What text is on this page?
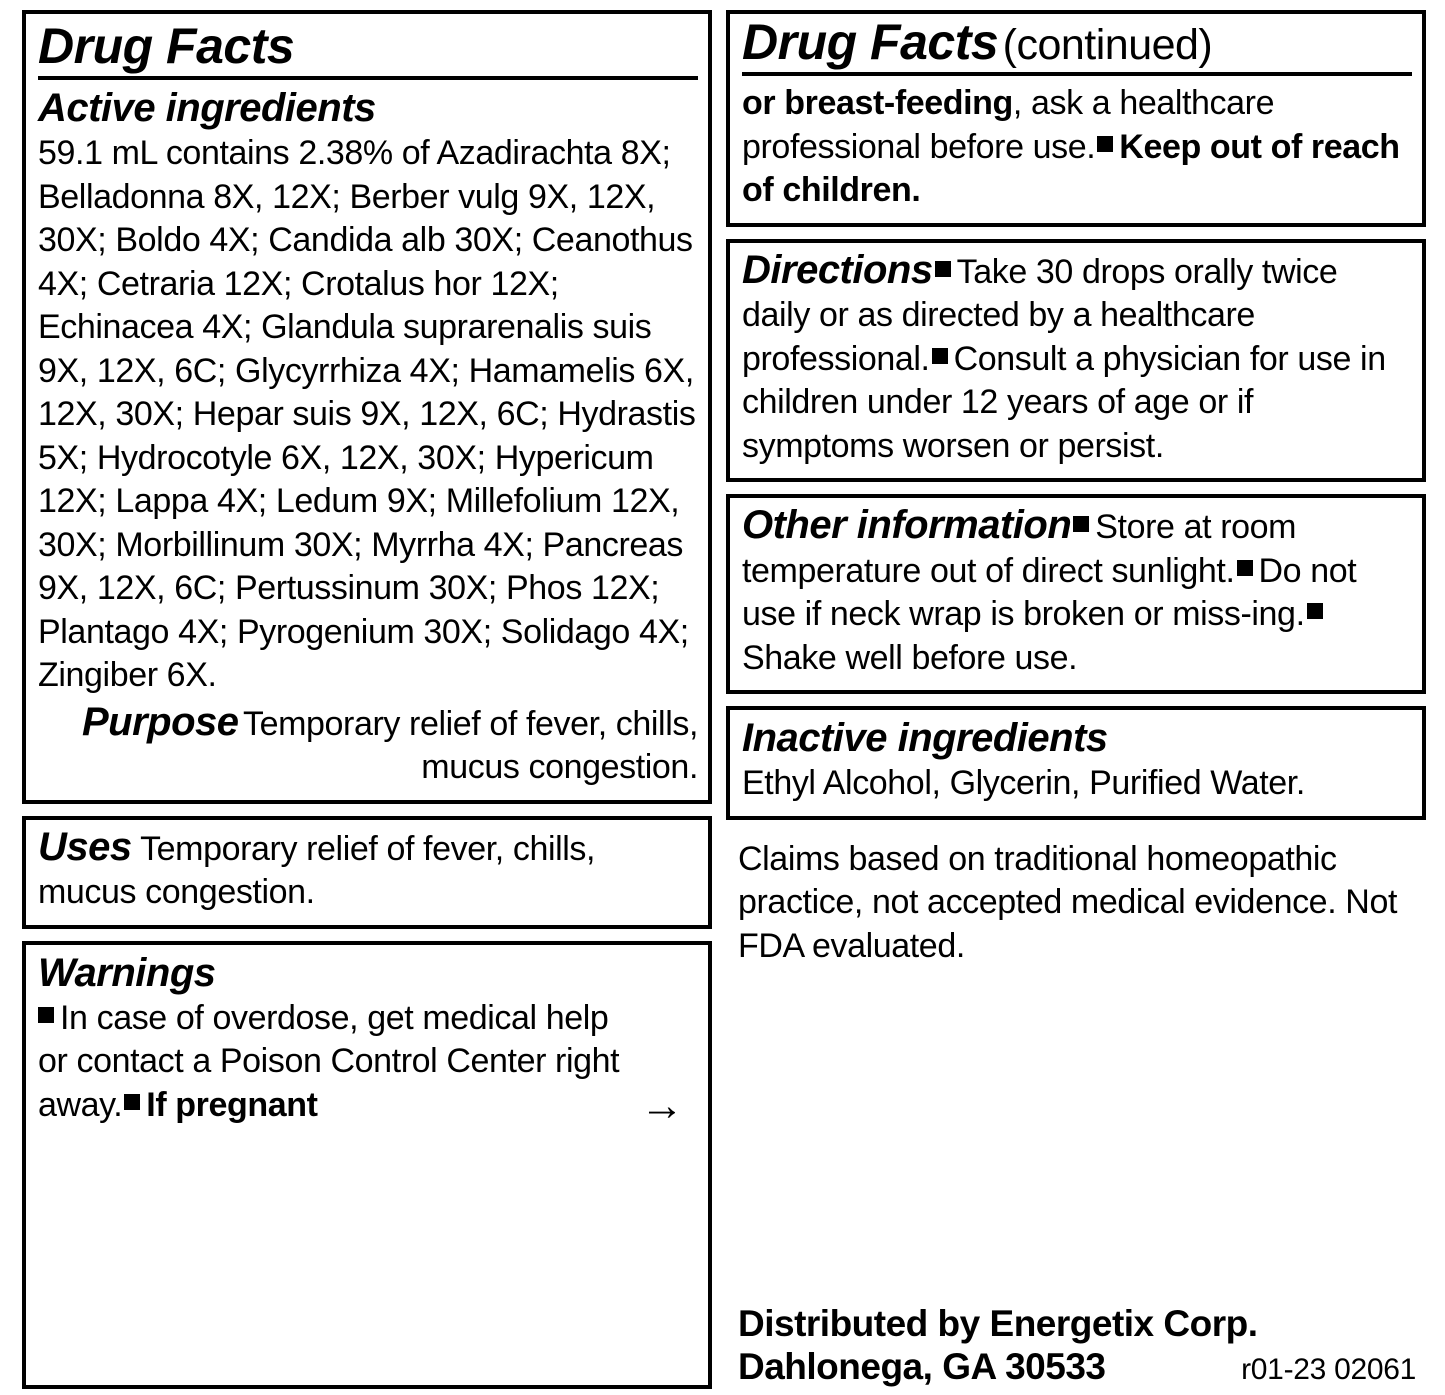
Drug Facts
Active ingredients

59.1 mL contains 2.38% of Azadirachta 8X; Belladonna 8X, 12X; Berber vulg 9X, 12X, 30X; Boldo 4X; Candida alb 30X; Ceanothus 4X; Cetraria 12X; Crotalus hor 12X; Echinacea 4X; Glandula suprarenalis suis 9X, 12X, 6C; Glycyrrhiza 4X; Hamamelis 6X, 12X, 30X; Hepar suis 9X, 12X, 6C; Hydrastis 5X; Hydrocotyle 6X, 12X, 30X; Hypericum 12X; Lappa 4X; Ledum 9X; Millefolium 12X, 30X; Morbillinum 30X; Myrrha 4X; Pancreas 9X, 12X, 6C; Pertussinum 30X; Phos 12X; Plantago 4X; Pyrogenium 30X; Solidago 4X; Zingiber 6X.

Purpose Temporary relief of fever, chills, mucus congestion.

Uses Temporary relief of fever, chills, mucus congestion.

Warnings

In case of overdose, get medical help or contact a Poison Control Center right away. If pregnant	→
Drug Facts (continued)

or breast-feeding, ask a healthcare professional before use. Keep out of reach of children.

Directions Take 30 drops orally twice daily or as directed by a healthcare professional. Consult a physician for use in children under 12 years of age or if symptoms worsen or persist.

Other information Store at room temperature out of direct sunlight. Do not use if neck wrap is broken or miss-ing.Shake well before use.

Inactive ingredients

Ethyl Alcohol, Glycerin, Purified Water.

Claims based on traditional homeopathic practice, not accepted medical evidence. Not FDA evaluated.

Distributed by Energetix Corp.
Dahlonega, GA 30533	r01-23 02061
